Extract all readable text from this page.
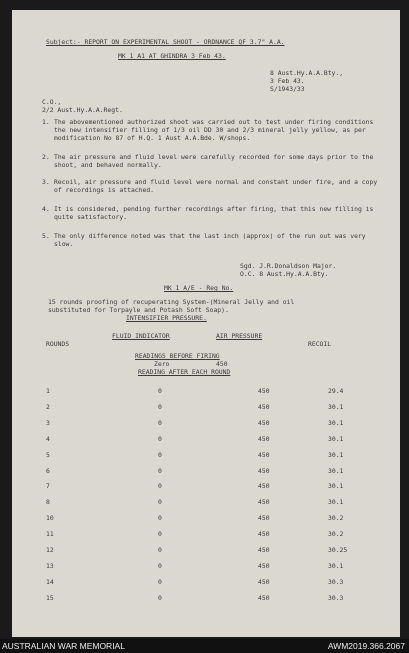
Subject:- REPORT ON EXPERIMENTAL SHOOT - ORDNANCE QF 3.7" A.A.
MK 1 A1 AT GHINDRA 3 Feb 43.
8 Aust.Hy.A.A.Bty.,
3 Feb 43.
S/1943/33
C.O.,
2/2 Aust.Hy.A.A.Regt.
1. The abovementioned authorized shoot was carried out to test under firing conditions the new intensifier filling of 1/3 oil DD 30 and 2/3 mineral jelly yellow, as per modification No 87 of H.Q. 1 Aust A.A.Bde. W/shops.
2. The air pressure and fluid level were carefully recorded for some days prior to the shoot, and behaved normally.
3. Recoil, air pressure and fluid level were normal and constant under fire, and a copy of recordings is attached.
4. It is considered, pending further recordings after firing, that this new filling is quite satisfactory.
5. The only difference noted was that the last inch (approx) of the run out was very slow.
Sgd. J.R.Donaldson Major.
O.C. 8 Aust.Hy.A.A.Bty.
MK 1 A/E - Reg No.
15 rounds proofing of recuperating System-(Mineral Jelly and oil
substituted for Torpayle and Potash Soft Soap).
INTENSIFIER PRESSURE.
FLUID INDICATOR	AIR PRESSURE
ROUNDS	RECOIL
READINGS BEFORE FIRING
Zero	450
READING AFTER EACH ROUND
1	0	450	29.4
2	0	450	30.1
3	0	450	30.1
4	0	450	30.1
5	0	450	30.1
6	0	450	30.1
7	0	450	30.1
8	0	450	30.1
10	0	450	30.2
11	0	450	30.2
12	0	450	30.25
13	0	450	30.1
14	0	450	30.3
15	0	450	30.3
AUSTRALIAN WAR MEMORIAL	AWM2019.366.2067
